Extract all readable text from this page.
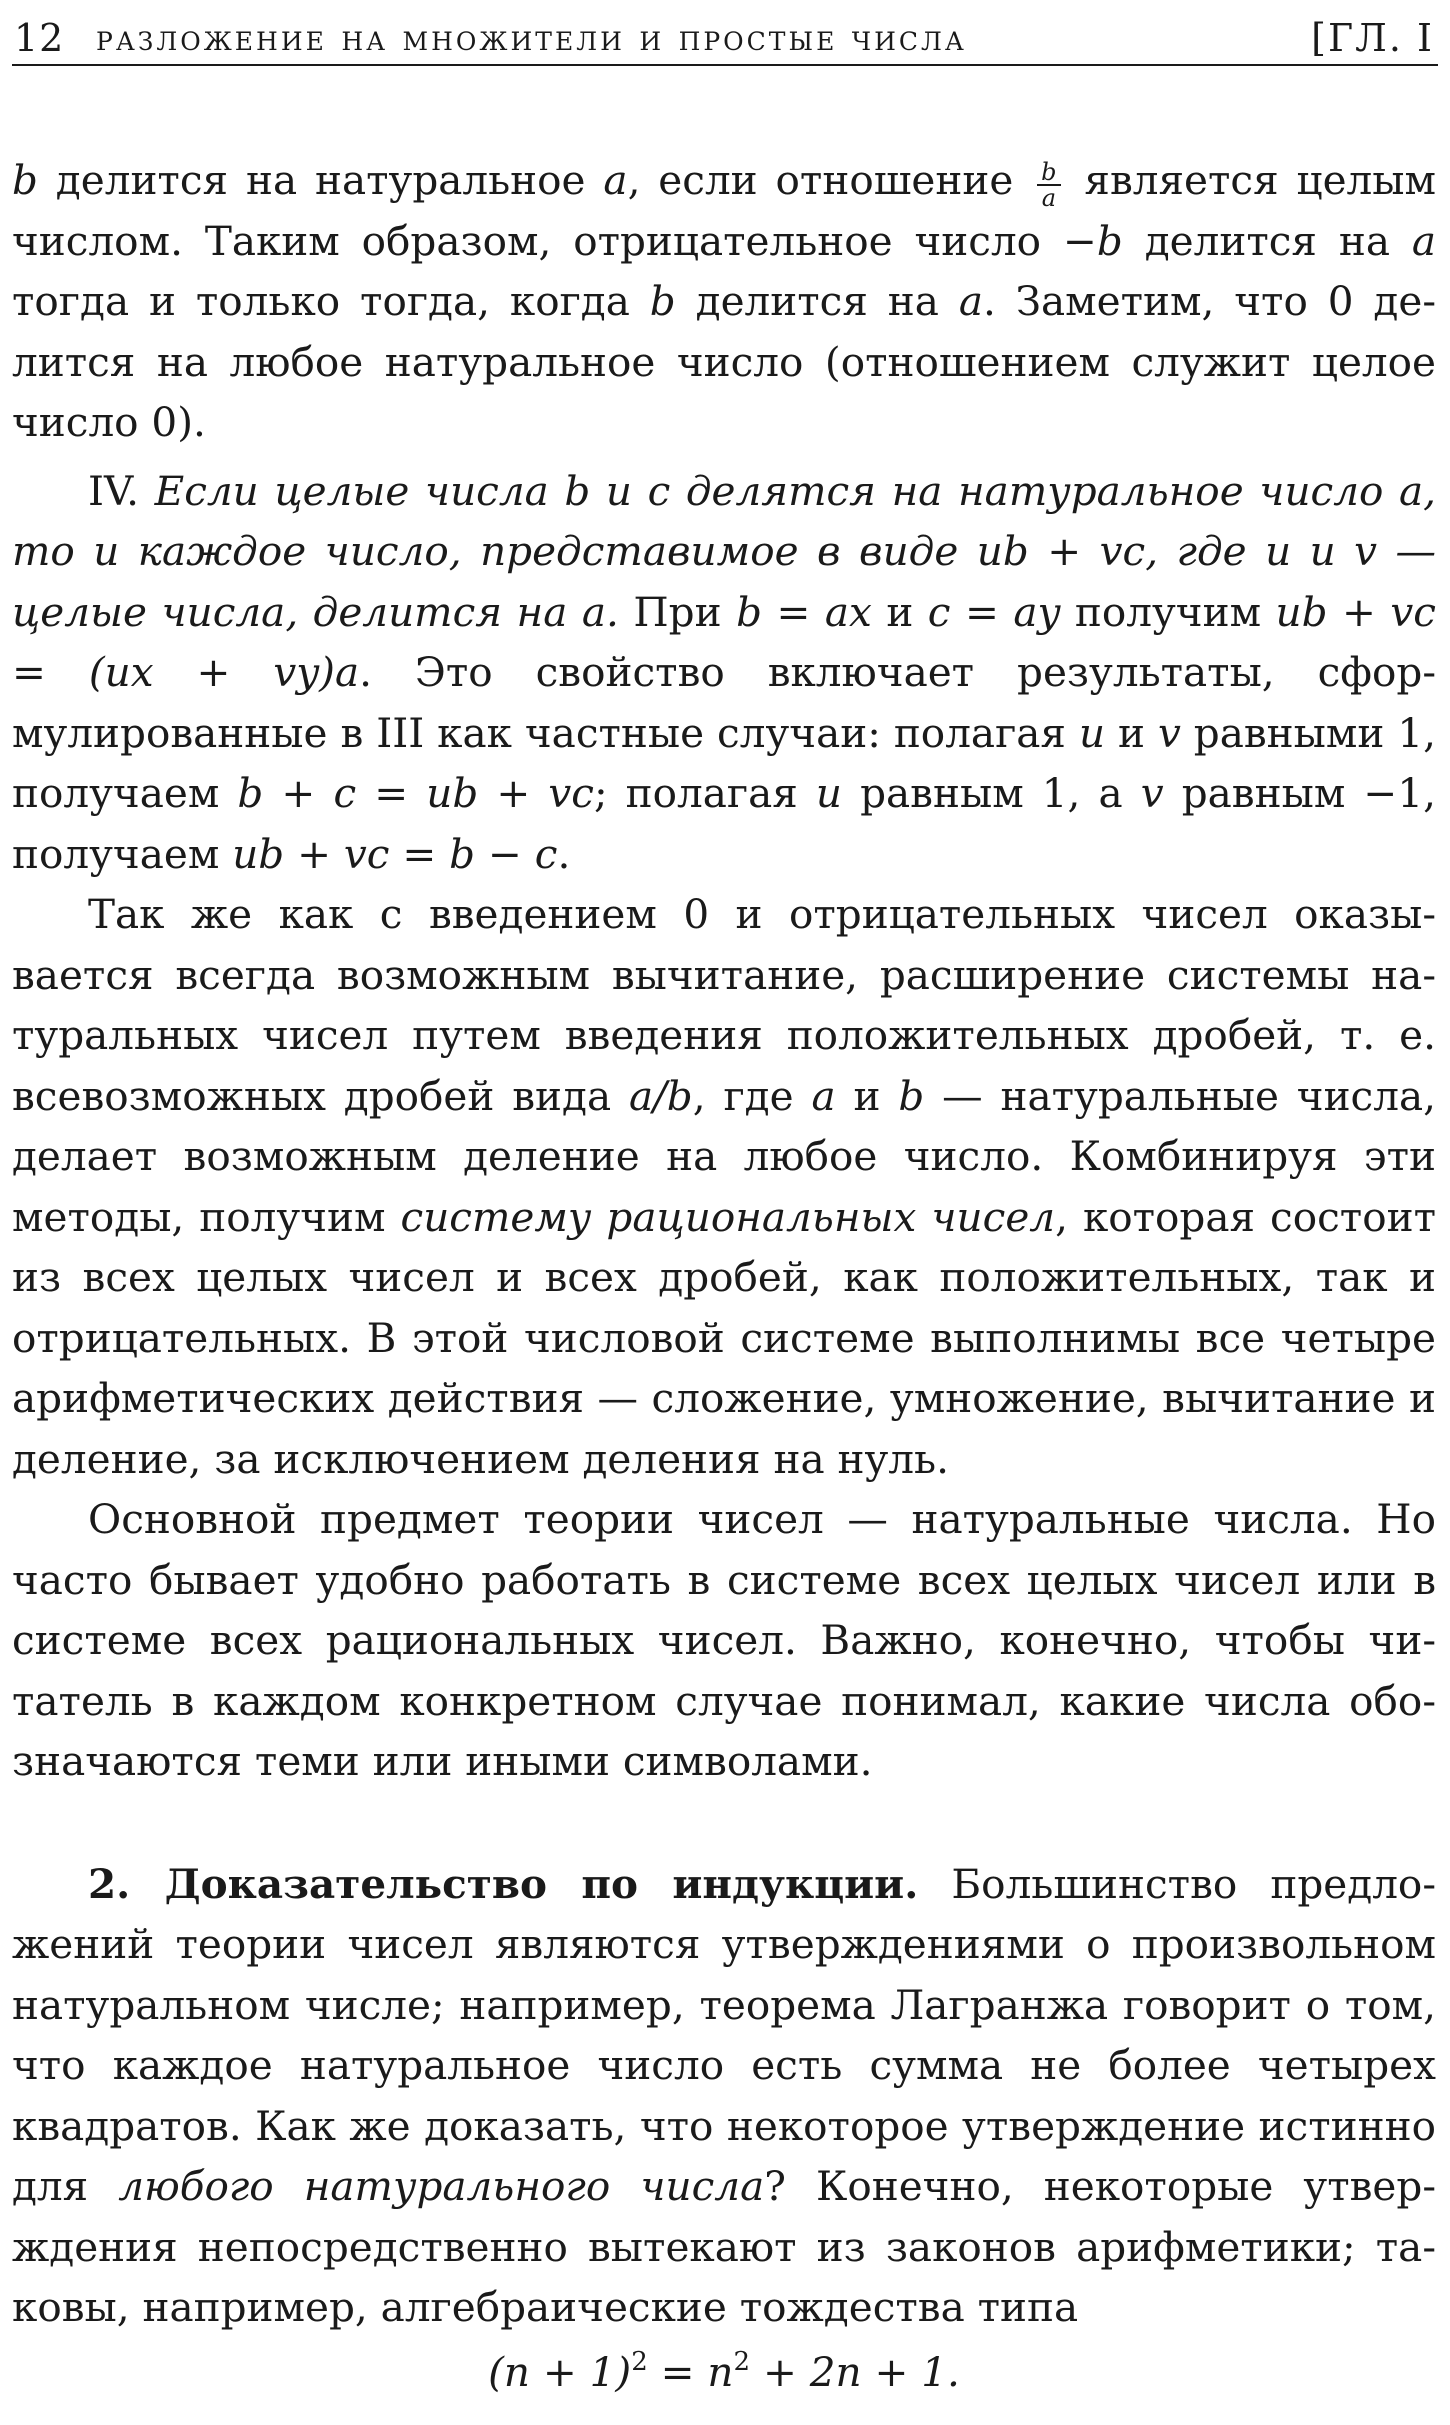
12 разложение на множители и простые числа	[ГЛ. I

b делится на натуральное a, если отношение $\frac{b}{a}$ является целым числом. Таким образом, отрицательное число −b делится на a тогда и только тогда, когда b делится на a. Заметим, что 0 делится на любое натуральное число (отношением служит целое число 0).

IV. Если целые числа b и c делятся на натуральное число a, то и каждое число, представимое в виде ub + vc, где u и v — целые числа, делится на a. При b = ax и c = ay получим ub + vc = (ux + vy)a. Это свойство включает результаты, сформулированные в III как частные случаи: полагая u и v равными 1, получаем b + c = ub + vc; полагая u равным 1, а v равным −1, получаем ub + vc = b − c.

Так же как с введением 0 и отрицательных чисел оказывается всегда возможным вычитание, расширение системы натуральных чисел путем введения положительных дробей, т. е. всевозможных дробей вида a/b, где a и b — натуральные числа, делает возможным деление на любое число. Комбинируя эти методы, получим систему рациональных чисел, которая состоит из всех целых чисел и всех дробей, как положительных, так и отрицательных. В этой числовой системе выполнимы все четыре арифметических действия — сложение, умножение, вычитание и деление, за исключением деления на нуль.

Основной предмет теории чисел — натуральные числа. Но часто бывает удобно работать в системе всех целых чисел или в системе всех рациональных чисел. Важно, конечно, чтобы читатель в каждом конкретном случае понимал, какие числа обозначаются теми или иными символами.

2. Доказательство по индукции. Большинство предложений теории чисел являются утверждениями о произвольном натуральном числе; например, теорема Лагранжа говорит о том, что каждое натуральное число есть сумма не более четырех квадратов. Как же доказать, что некоторое утверждение истинно для любого натурального числа? Конечно, некоторые утверждения непосредственно вытекают из законов арифметики; таковы, например, алгебраические тождества типа

$(n + 1)^2 = n^2 + 2n + 1$.
